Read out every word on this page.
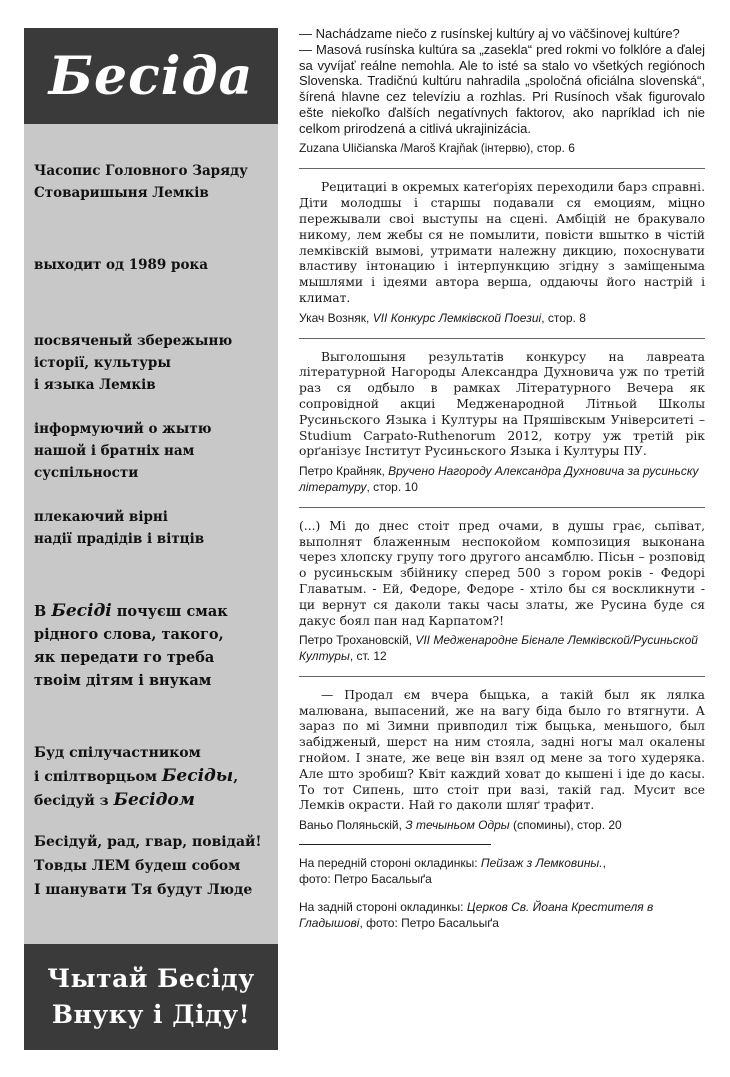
Бесіда

Часопис Головного Заряду

Стоваришыня Лемків

выходит од 1989 рока

посвяченый збережыню

історії, культуры

і языка Лемків

інформуючий о жытю

нашой і братніх нам

суспільности

плекаючий вірні

надії прадідів і вітців

В Бесіді почуєш смак

рідного слова, такого,

як передати го треба

твоім дітям і внукам

Буд спілучастником

і спілтворцьом Бесіды,

бесідуй з Бесідом

Бесідуй, рад, гвар, повідай!

Товды ЛЕМ будеш собом

І шанувати Тя будут Люде

Чытай Бесіду
Внуку і Діду!

— Nachádzame niečo z rusínskej kultúry aj vo väčšinovej kultúre?
— Masová rusínska kultúra sa „zasekla“ pred rokmi vo folklóre a ďalej sa vyvíjať reálne nemohla. Ale to isté sa stalo vo všetkých regiónoch Slovenska. Tradičnú kultúru nahradila „spoločná oficiálna slovenská“, šírená hlavne cez televíziu a rozhlas. Pri Rusínoch však figurovalo ešte niekoľko ďalších negatívnych faktorov, ako napríklad ich nie celkom prirodzená a citlivá ukrajinizácia.

Zuzana Uličianska /Maroš Krajňak (інтервю), стор. 6

Рецитациі в окремых катеґоріях переходили барз справні. Діти молодшы і старшы подавали ся емоциям, міцно пережывали своі выступы на сцені. Амбіцій не бракувало никому, лем жебы ся не помылити, повісти вшытко в чістій лемківскій вымові, утримати належну дикцию, похоснувати властиву інтонацию і інтерпункцию згідну з заміщеныма мышлями і ідеями автора верша, оддаючы його настрій і климат.

Укач Возняк, VII Конкурс Лемківской Поезиі, стор. 8

Выголошыня результатів конкурсу на лавреата літературной Нагороды Александра Духновича уж по третій раз ся одбыло в рамках Літературного Вечера як сопровідной акциі Медженародной Літньой Школы Русиньского Языка і Културы на Пряшівскым Університеті – Studium Carpato-Ruthenorum 2012, котру уж третій рік орґанізує Інститут Русиньского Языка і Културы ПУ.

Петро Крайняк, Вручено Нагороду Александра Духновича за русиньску літературу, стор. 10

(...) Мі до днес стоіт пред очами, в душы грає, сьпіват, выполнят блаженным неспокойом композиция выконана через хлопску групу того другого ансамблю. Пісьн – розповід о русиньскым збійнику сперед 500 з гором років - Федорі Главатым. - Ей, Федоре, Федоре - хтіло бы ся воскликнути - ци вернут ся даколи такы часы златы, же Русина буде ся дакус боял пан над Карпатом?!

Петро Трохановскій, VII Медженародне Бієнале Лемківской/Русиньской Културы, ст. 12

— Продал єм вчера быцька, а такій был як лялка малювана, выпасений, же на вагу біда было го втягнути. А зараз по мі Зимни привподил тіж быцька, меньшого, был забідженый, шерст на ним стояла, задні ногы мал окалены гнойом. І знате, же веце він взял од мене за того худеряка. Але што зробиш? Квіт каждий ховат до кышені і іде до касы. То тот Сипень, што стоіт при вазі, такій гад. Мусит все Лемків окрасти. Най го даколи шляґ трафит.

Ваньо Поляньскій, З течыньом Одры (спомины), стор. 20

На передній стороні окладинкы: Пейзаж з Лемковины.,
фото: Петро Басальыґа

На задній стороні окладинкы: Церков Св. Йоана Крестителя в Гладышові, фото: Петро Басальыґа
